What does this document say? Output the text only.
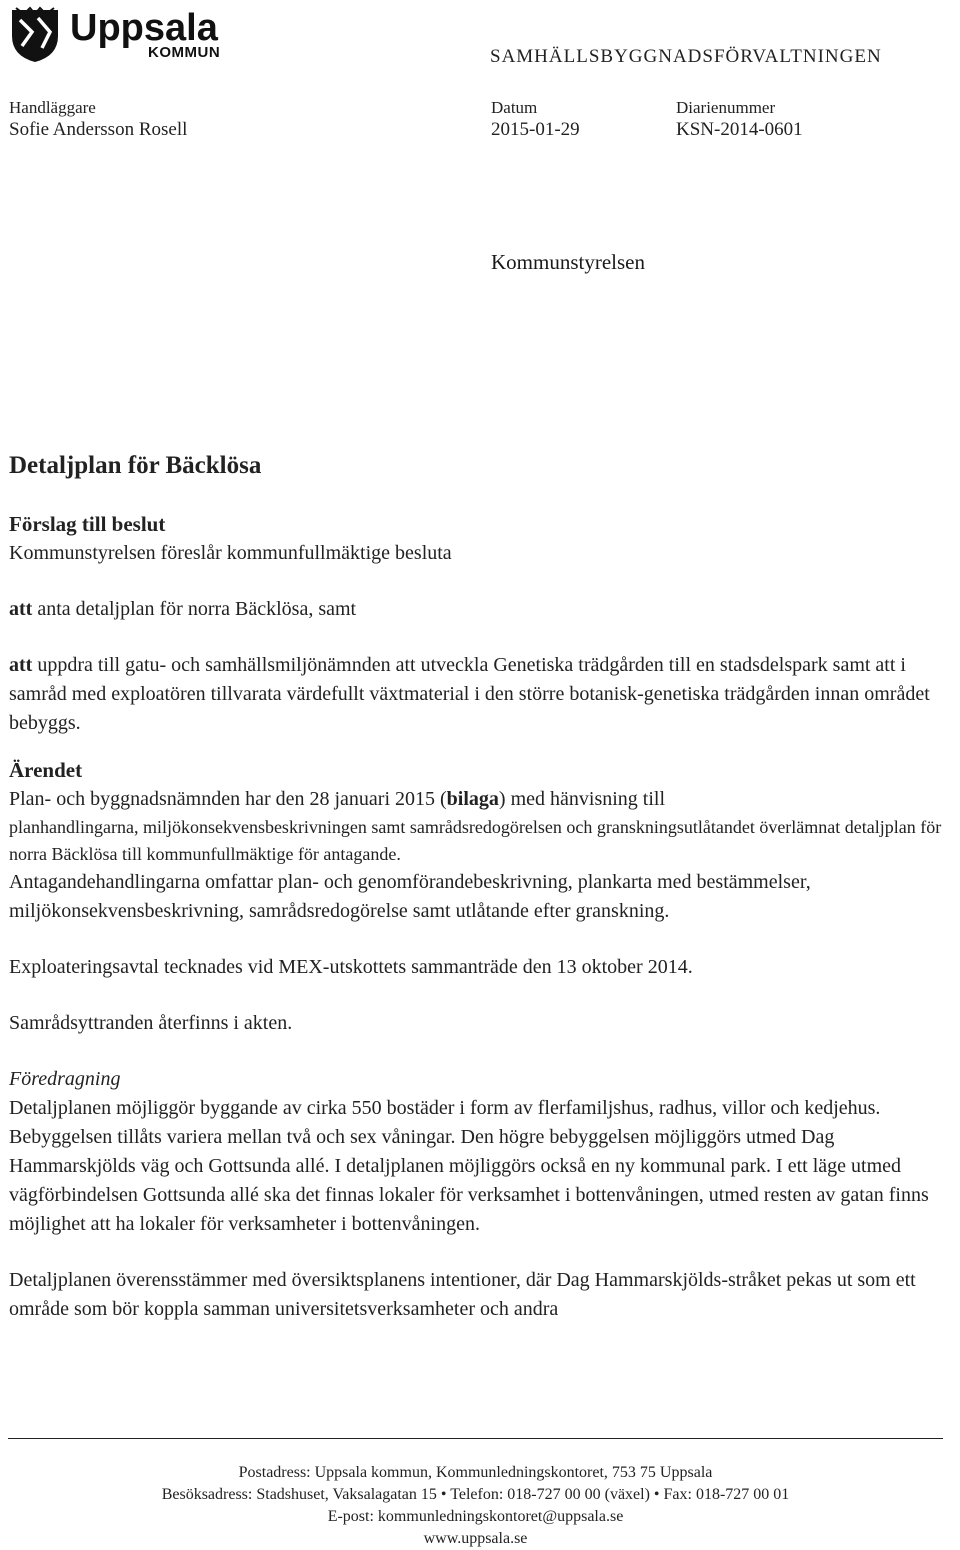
Uppsala
KOMMUN	SAMHÄLLSBYGGNADSFÖRVALTNINGEN
Handläggare
Sofie Andersson Rosell
Datum
2015-01-29
Diarienummer
KSN-2014-0601
Kommunstyrelsen
Detaljplan för Bäcklösa

Förslag till beslut

Kommunstyrelsen föreslår kommunfullmäktige besluta

att anta detaljplan för norra Bäcklösa, samt

att uppdra till gatu- och samhällsmiljönämnden att utveckla Genetiska trädgården till en stadsdelspark samt att i samråd med exploatören tillvarata värdefullt växtmaterial i den större botanisk-genetiska trädgården innan området bebyggs.

Ärendet

Plan- och byggnadsnämnden har den 28 januari 2015 (bilaga) med hänvisning till

planhandlingarna, miljökonsekvensbeskrivningen samt samrådsredogörelsen och granskningsutlåtandet överlämnat detaljplan för norra Bäcklösa till kommunfullmäktige för antagande.

Antagandehandlingarna omfattar plan- och genomförandebeskrivning, plankarta med bestämmelser, miljökonsekvensbeskrivning, samrådsredogörelse samt utlåtande efter granskning.

Exploateringsavtal tecknades vid MEX-utskottets sammanträde den 13 oktober 2014.

Samrådsyttranden återfinns i akten.

Föredragning

Detaljplanen möjliggör byggande av cirka 550 bostäder i form av flerfamiljshus, radhus, villor och kedjehus. Bebyggelsen tillåts variera mellan två och sex våningar. Den högre bebyggelsen möjliggörs utmed Dag Hammarskjölds väg och Gottsunda allé. I detaljplanen möjliggörs också en ny kommunal park. I ett läge utmed vägförbindelsen Gottsunda allé ska det finnas lokaler för verksamhet i bottenvåningen, utmed resten av gatan finns möjlighet att ha lokaler för verksamheter i bottenvåningen.

Detaljplanen överensstämmer med översiktsplanens intentioner, där Dag Hammarskjölds-stråket pekas ut som ett område som bör koppla samman universitetsverksamheter och andra

Postadress: Uppsala kommun, Kommunledningskontoret, 753 75 Uppsala
Besöksadress: Stadshuset, Vaksalagatan 15 • Telefon: 018-727 00 00 (växel) • Fax: 018-727 00 01
E-post: kommunledningskontoret@uppsala.se
www.uppsala.se
